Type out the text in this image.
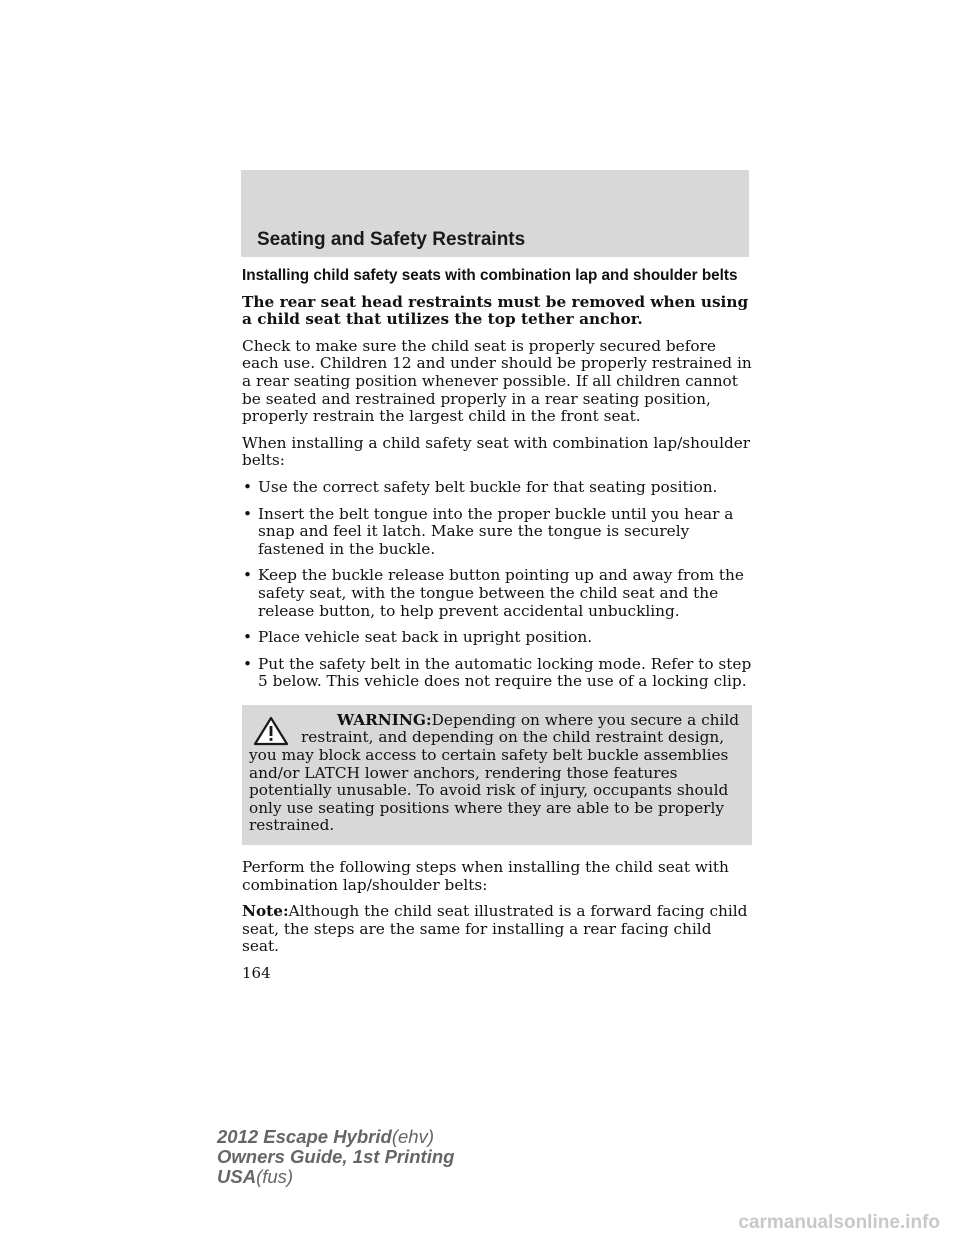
Seating and Safety Restraints

Installing child safety seats with combination lap and shoulder belts

The rear seat head restraints must be removed when using a child seat that utilizes the top tether anchor.

Check to make sure the child seat is properly secured before each use. Children 12 and under should be properly restrained in a rear seating position whenever possible. If all children cannot be seated and restrained properly in a rear seating position, properly restrain the largest child in the front seat.

When installing a child safety seat with combination lap/shoulder belts:

• Use the correct safety belt buckle for that seating position.
• Insert the belt tongue into the proper buckle until you hear a snap and feel it latch. Make sure the tongue is securely fastened in the buckle.
• Keep the buckle release button pointing up and away from the safety seat, with the tongue between the child seat and the release button, to help prevent accidental unbuckling.
• Place vehicle seat back in upright position.
• Put the safety belt in the automatic locking mode. Refer to step 5 below. This vehicle does not require the use of a locking clip.
WARNING:Depending on where you secure a child restraint, and depending on the child restraint design, you may block access to certain safety belt buckle assemblies and/or LATCH lower anchors, rendering those features potentially unusable. To avoid risk of injury, occupants should only use seating positions where they are able to be properly restrained.

Perform the following steps when installing the child seat with combination lap/shoulder belts:

Note:Although the child seat illustrated is a forward facing child seat, the steps are the same for installing a rear facing child seat.

164
2012 Escape Hybrid(ehv)
Owners Guide, 1st Printing
USA(fus)
carmanualsonline.info
